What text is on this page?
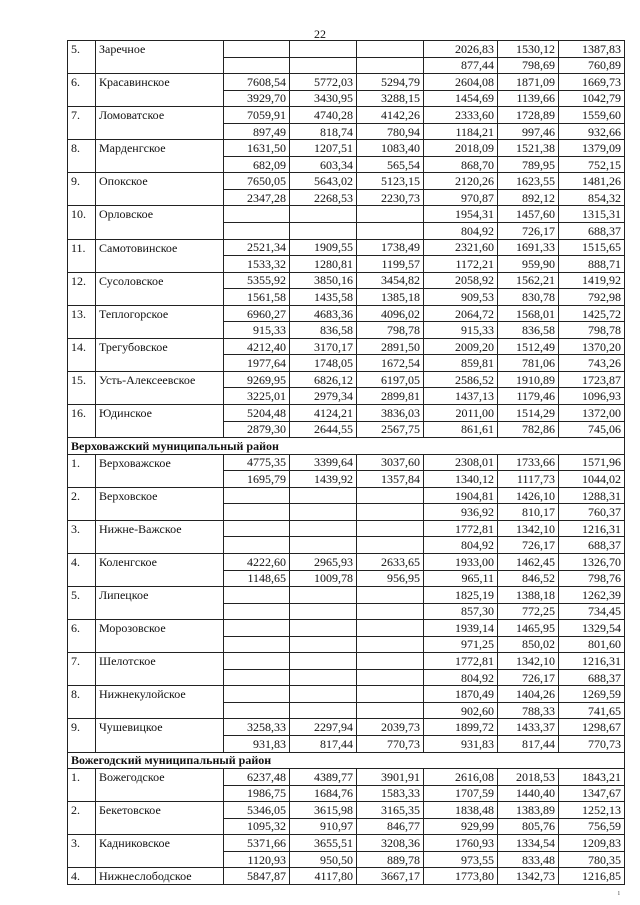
22
5.	Заречное				2026,83	1530,12	1387,83
					877,44	798,69	760,89
6.	Красавинское	7608,54	5772,03	5294,79	2604,08	1871,09	1669,73
		3929,70	3430,95	3288,15	1454,69	1139,66	1042,79
7.	Ломоватское	7059,91	4740,28	4142,26	2333,60	1728,89	1559,60
		897,49	818,74	780,94	1184,21	997,46	932,66
8.	Марденгское	1631,50	1207,51	1083,40	2018,09	1521,38	1379,09
		682,09	603,34	565,54	868,70	789,95	752,15
9.	Опокское	7650,05	5643,02	5123,15	2120,26	1623,55	1481,26
		2347,28	2268,53	2230,73	970,87	892,12	854,32
10.	Орловское				1954,31	1457,60	1315,31
					804,92	726,17	688,37
11.	Самотовинское	2521,34	1909,55	1738,49	2321,60	1691,33	1515,65
		1533,32	1280,81	1199,57	1172,21	959,90	888,71
12.	Сусоловское	5355,92	3850,16	3454,82	2058,92	1562,21	1419,92
		1561,58	1435,58	1385,18	909,53	830,78	792,98
13.	Теплогорское	6960,27	4683,36	4096,02	2064,72	1568,01	1425,72
		915,33	836,58	798,78	915,33	836,58	798,78
14.	Трегубовское	4212,40	3170,17	2891,50	2009,20	1512,49	1370,20
		1977,64	1748,05	1672,54	859,81	781,06	743,26
15.	Усть-Алексеевское	9269,95	6826,12	6197,05	2586,52	1910,89	1723,87
		3225,01	2979,34	2899,81	1437,13	1179,46	1096,93
16.	Юдинское	5204,48	4124,21	3836,03	2011,00	1514,29	1372,00
		2879,30	2644,55	2567,75	861,61	782,86	745,06
Верховажский муниципальный район							
1.	Верховажское	4775,35	3399,64	3037,60	2308,01	1733,66	1571,96
		1695,79	1439,92	1357,84	1340,12	1117,73	1044,02
2.	Верховское				1904,81	1426,10	1288,31
					936,92	810,17	760,37
3.	Нижне-Важское				1772,81	1342,10	1216,31
					804,92	726,17	688,37
4.	Коленгское	4222,60	2965,93	2633,65	1933,00	1462,45	1326,70
		1148,65	1009,78	956,95	965,11	846,52	798,76
5.	Липецкое				1825,19	1388,18	1262,39
					857,30	772,25	734,45
6.	Морозовское				1939,14	1465,95	1329,54
					971,25	850,02	801,60
7.	Шелотское				1772,81	1342,10	1216,31
					804,92	726,17	688,37
8.	Нижнекулойское				1870,49	1404,26	1269,59
					902,60	788,33	741,65
9.	Чушевицкое	3258,33	2297,94	2039,73	1899,72	1433,37	1298,67
		931,83	817,44	770,73	931,83	817,44	770,73
Вожегодский муниципальный район							
1.	Вожегодское	6237,48	4389,77	3901,91	2616,08	2018,53	1843,21
		1986,75	1684,76	1583,33	1707,59	1440,40	1347,67
2.	Бекетовское	5346,05	3615,98	3165,35	1838,48	1383,89	1252,13
		1095,32	910,97	846,77	929,99	805,76	756,59
3.	Кадниковское	5371,66	3655,51	3208,36	1760,93	1334,54	1209,83
		1120,93	950,50	889,78	973,55	833,48	780,35
4.	Нижнеслободское	5847,87	4117,80	3667,17	1773,80	1342,73	1216,85
ı
